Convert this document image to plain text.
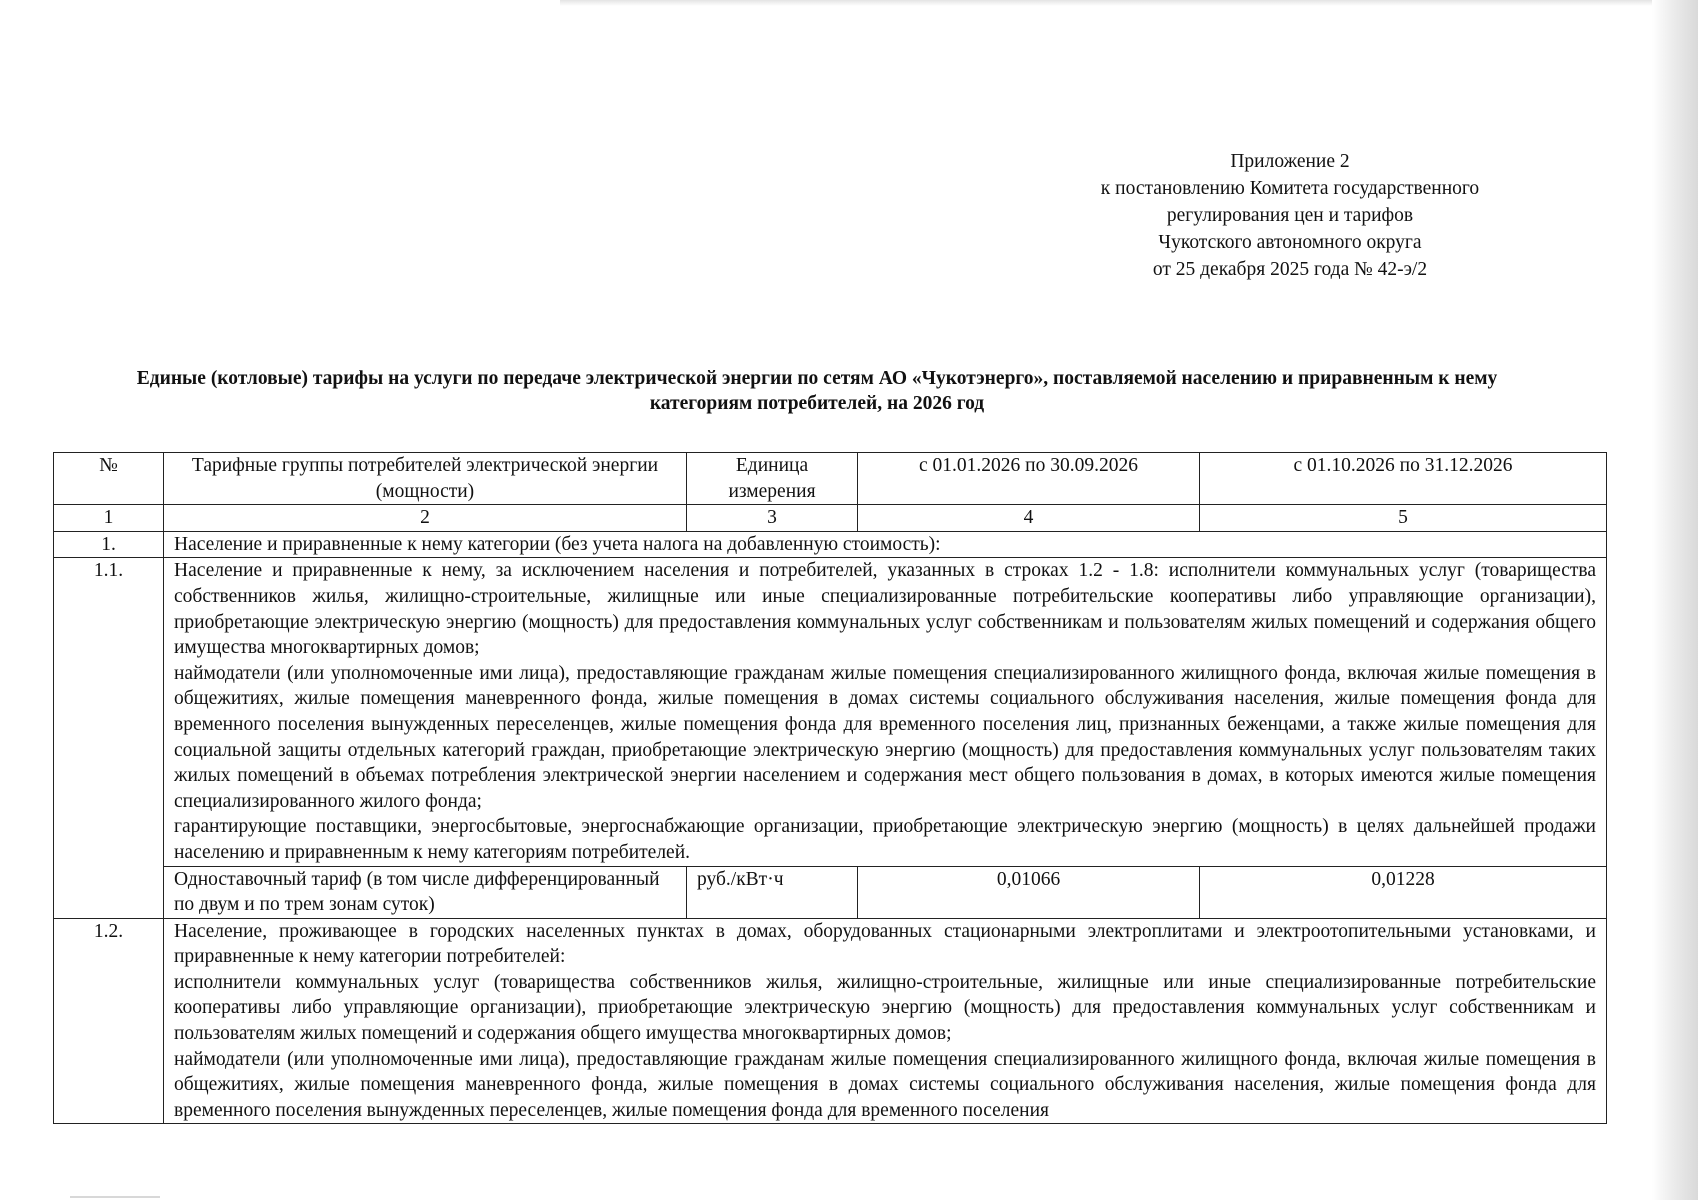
Приложение 2
к постановлению Комитета государственного
регулирования цен и тарифов
Чукотского автономного округа
от 25 декабря 2025 года № 42-э/2
Единые (котловые) тарифы на услуги по передаче электрической энергии по сетям АО «Чукотэнерго», поставляемой населению и приравненным к нему
категориям потребителей, на 2026 год
№	Тарифные группы потребителей электрической энергии (мощности)	Единица измерения	с 01.01.2026 по 30.09.2026	с 01.10.2026 по 31.12.2026
1	2	3	4	5
1.	Население и приравненные к нему категории (без учета налога на добавленную стоимость):			
1.1.	Население и приравненные к нему, за исключением населения и потребителей, указанных в строках 1.2 - 1.8: исполнители коммунальных услуг (товарищества собственников жилья, жилищно-строительные, жилищные или иные специализированные потребительские кооперативы либо управляющие организации), приобретающие электрическую энергию (мощность) для предоставления коммунальных услуг собственникам и пользователям жилых помещений и содержания общего имущества многоквартирных домов;
наймодатели (или уполномоченные ими лица), предоставляющие гражданам жилые помещения специализированного жилищного фонда, включая жилые помещения в общежитиях, жилые помещения маневренного фонда, жилые помещения в домах системы социального обслуживания населения, жилые помещения фонда для временного поселения вынужденных переселенцев, жилые помещения фонда для временного поселения лиц, признанных беженцами, а также жилые помещения для социальной защиты отдельных категорий граждан, приобретающие электрическую энергию (мощность) для предоставления коммунальных услуг пользователям таких жилых помещений в объемах потребления электрической энергии населением и содержания мест общего пользования в домах, в которых имеются жилые помещения специализированного жилого фонда;
гарантирующие поставщики, энергосбытовые, энергоснабжающие организации, приобретающие электрическую энергию (мощность) в целях дальнейшей продажи населению и приравненным к нему категориям потребителей.			

	Одноставочный тариф (в том числе дифференцированный по двум и по трем зонам суток)	руб./кВт·ч	0,01066	0,01228
1.2.	Население, проживающее в городских населенных пунктах в домах, оборудованных стационарными электроплитами и электроотопительными установками, и приравненные к нему категории потребителей:
исполнители коммунальных услуг (товарищества собственников жилья, жилищно-строительные, жилищные или иные специализированные потребительские кооперативы либо управляющие организации), приобретающие электрическую энергию (мощность) для предоставления коммунальных услуг собственникам и пользователям жилых помещений и содержания общего имущества многоквартирных домов;
наймодатели (или уполномоченные ими лица), предоставляющие гражданам жилые помещения специализированного жилищного фонда, включая жилые помещения в общежитиях, жилые помещения маневренного фонда, жилые помещения в домах системы социального обслуживания населения, жилые помещения фонда для временного поселения вынужденных переселенцев, жилые помещения фонда для временного поселения			
